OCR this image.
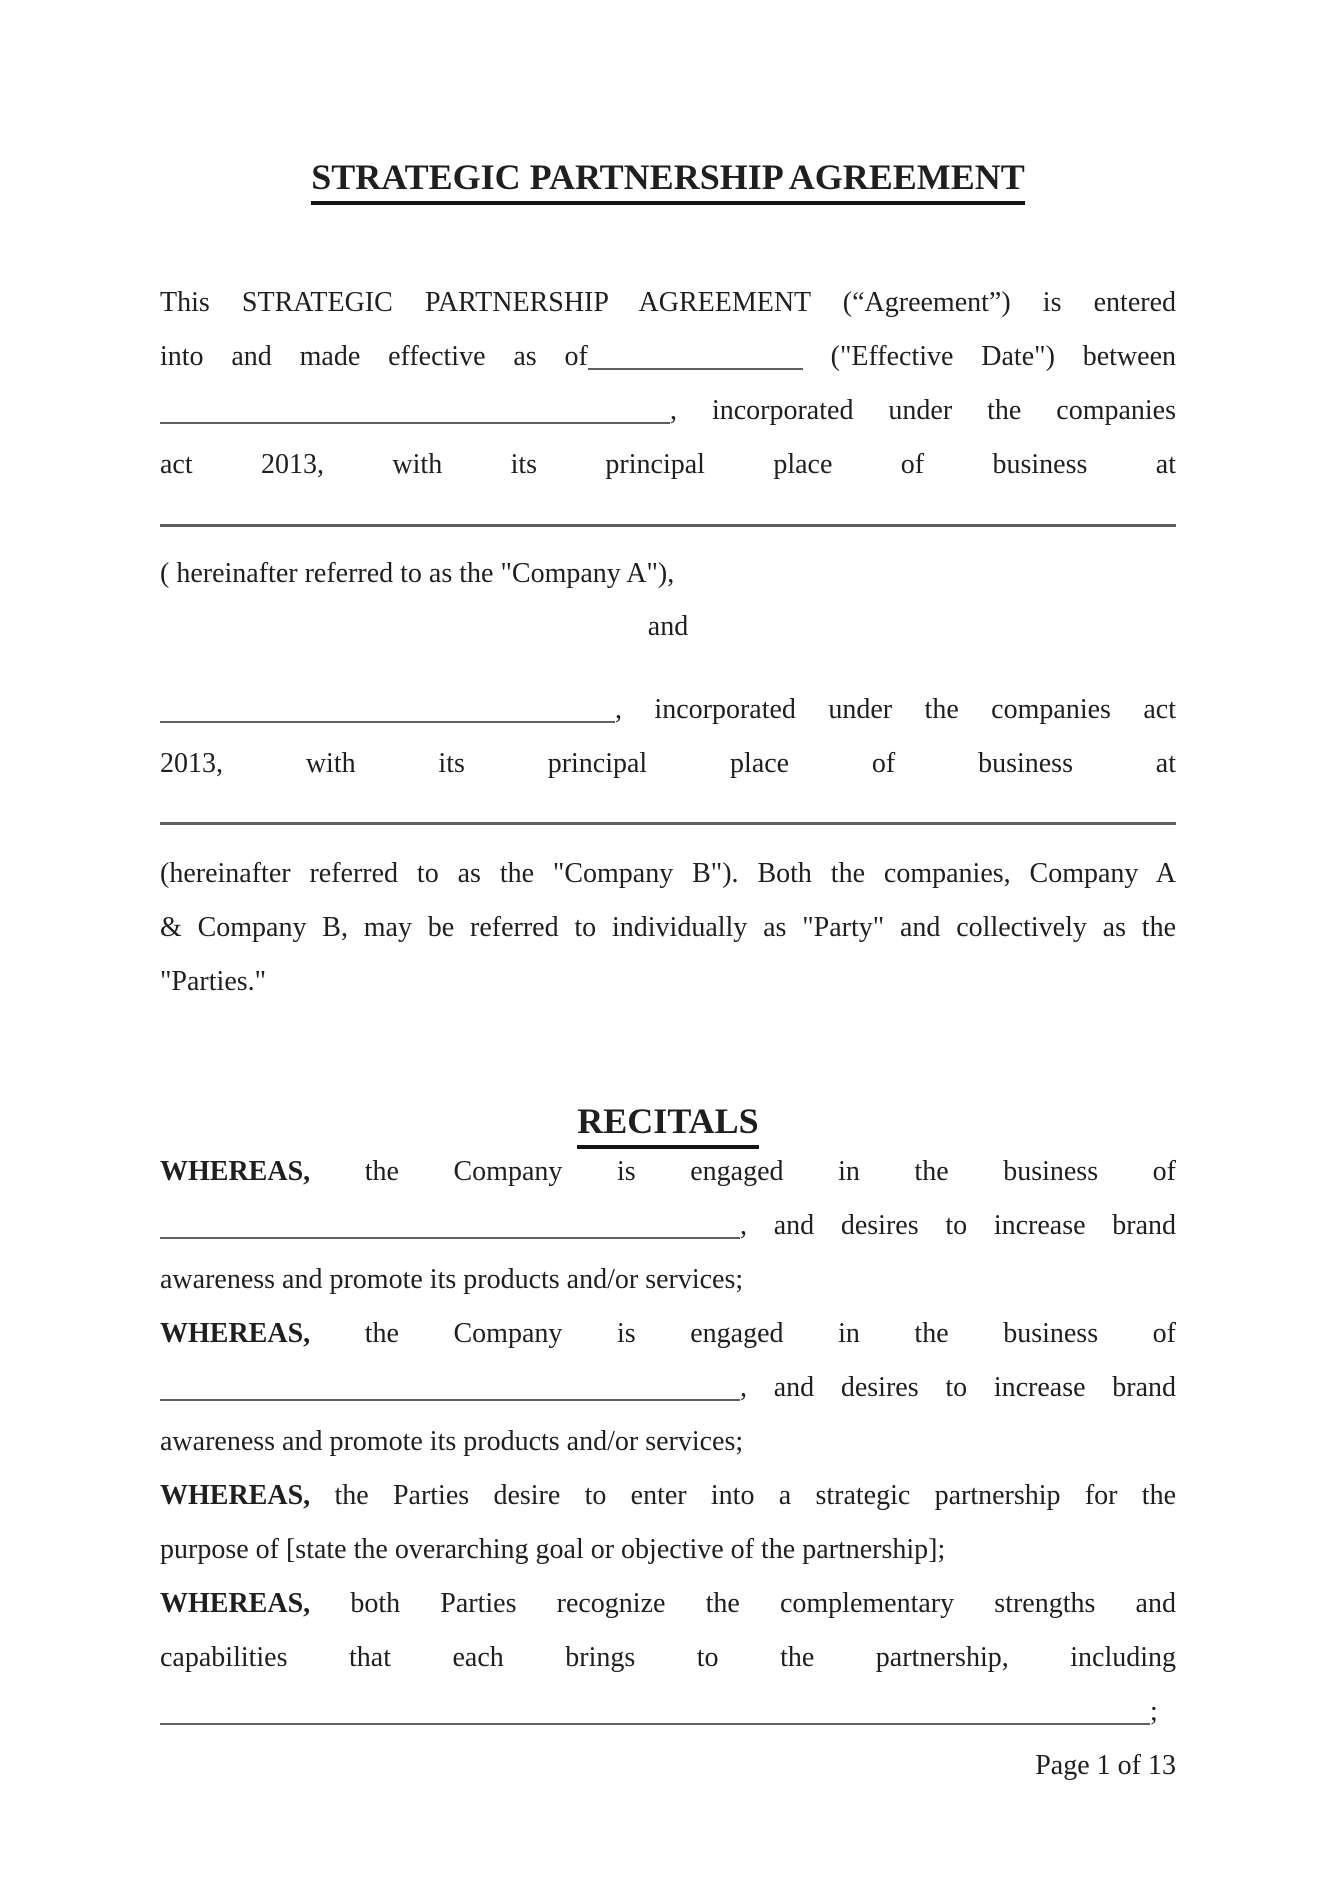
STRATEGIC PARTNERSHIP AGREEMENT
RECITALS
This STRATEGIC PARTNERSHIP AGREEMENT (“Agreement”) is entered
into and made effective as of	("Effective Date") between
, incorporated under the companies
act 2013, with its principal place of business at
( hereinafter referred to as the "Company A"),
and
, incorporated under the companies act
2013, with its principal place of business at
(hereinafter referred to as the "Company B"). Both the companies, Company A
& Company B, may be referred to individually as "Party" and collectively as the
"Parties."
WHEREAS, the Company is engaged in the business of
, and desires to increase brand
awareness and promote its products and/or services;
WHEREAS, the Company is engaged in the business of
, and desires to increase brand
awareness and promote its products and/or services;
WHEREAS, the Parties desire to enter into a strategic partnership for the
purpose of [state the overarching goal or objective of the partnership];
WHEREAS, both Parties recognize the complementary strengths and
capabilities that each brings to the partnership, including
;
Page 1 of 13
